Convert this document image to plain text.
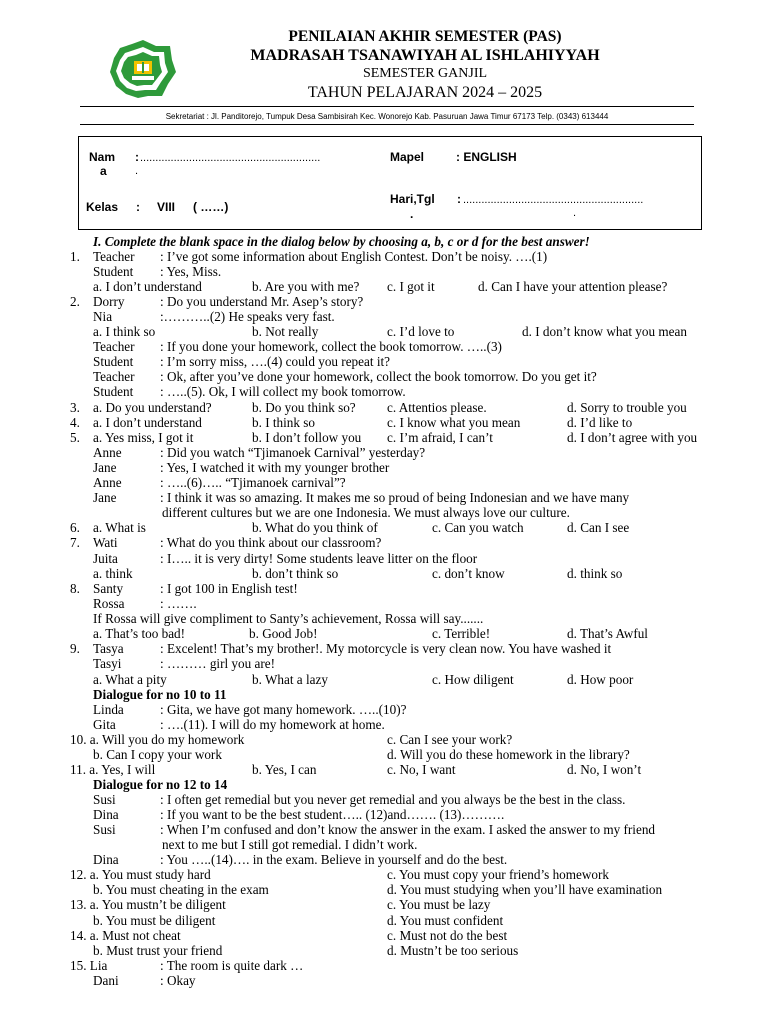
PENILAIAN AKHIR SEMESTER (PAS)
MADRASAH TSANAWIYAH AL ISHLAHIYYAH
SEMESTER GANJIL
TAHUN PELAJARAN 2024 – 2025
Sekretariat : Jl. Panditorejo, Tumpuk Desa Sambisirah Kec. Wonorejo Kab. Pasuruan Jawa Timur 67173 Telp. (0343) 613444
Nam
a
: ...........................................................
.
Mapel	: ENGLISH
Kelas : VIII ( ……)
Hari,Tgl
.
: ...........................................................
.
I. Complete the blank space in the dialog below by choosing a, b, c or d for the best answer!
1. Teacher : I’ve got some information about English Contest. Don’t be noisy. ….(1)
Student : Yes, Miss.
a. I don’t understand	b. Are you with me? c. I got it	d. Can I have your attention please?
2. Dorry	: Do you understand Mr. Asep’s story?
Nia	:………..(2) He speaks very fast.
a. I think so	b. Not really	c. I’d love to	d. I don’t know what you mean
Teacher : If you done your homework, collect the book tomorrow. …..(3)
Student : I’m sorry miss, ….(4) could you repeat it?
Teacher : Ok, after you’ve done your homework, collect the book tomorrow. Do you get it?
Student : …..(5). Ok, I will collect my book tomorrow.
3. a. Do you understand?	b. Do you think so? c. Attentios please.	d. Sorry to trouble you
4. a. I don’t understand	b. I think so	c. I know what you mean	d. I’d like to
5. a. Yes miss, I got it	b. I don’t follow you c. I’m afraid, I can’t	d. I don’t agree with you
Anne	: Did you watch “Tjimanoek Carnival” yesterday?
Jane	: Yes, I watched it with my younger brother
Anne	: …..(6)….. “Tjimanoek carnival”?
Jane	: I think it was so amazing. It makes me so proud of being Indonesian and we have many
different cultures but we are one Indonesia. We must always love our culture.
6. a. What is	b. What do you think of	c. Can you watch	d. Can I see
7. Wati	: What do you think about our classroom?
Juita	: I….. it is very dirty! Some students leave litter on the floor
a. think	b. don’t think so	c. don’t know	d. think so
8. Santy	: I got 100 in English test!
Rossa	: …….
If Rossa will give compliment to Santy’s achievement, Rossa will say.......
a. That’s too bad!	b. Good Job!	c. Terrible!	d. That’s Awful
9. Tasya	: Excelent! That’s my brother!. My motorcycle is very clean now. You have washed it
Tasyi	: ……… girl you are!
a. What a pity	b. What a lazy	c. How diligent	d. How poor
Dialogue for no 10 to 11
Linda	: Gita, we have got many homework. …..(10)?
Gita	: ….(11). I will do my homework at home.
10. a. Will you do my homework	c. Can I see your work?
b. Can I copy your work	d. Will you do these homework in the library?
11. a. Yes, I will	b. Yes, I can	c. No, I want	d. No, I won’t
Dialogue for no 12 to 14
Susi	: I often get remedial but you never get remedial and you always be the best in the class.
Dina	: If you want to be the best student….. (12)and……. (13)……….
Susi	: When I’m confused and don’t know the answer in the exam. I asked the answer to my friend
next to me but I still got remedial. I didn’t work.
Dina	: You …..(14)…. in the exam. Believe in yourself and do the best.
12. a. You must study hard	c. You must copy your friend’s homework
b. You must cheating in the exam	d. You must studying when you’ll have examination
13. a. You mustn’t be diligent	c. You must be lazy
b. You must be diligent	d. You must confident
14. a. Must not cheat	c. Must not do the best
b. Must trust your friend	d. Mustn’t be too serious
15. Lia	: The room is quite dark …
Dani	: Okay
